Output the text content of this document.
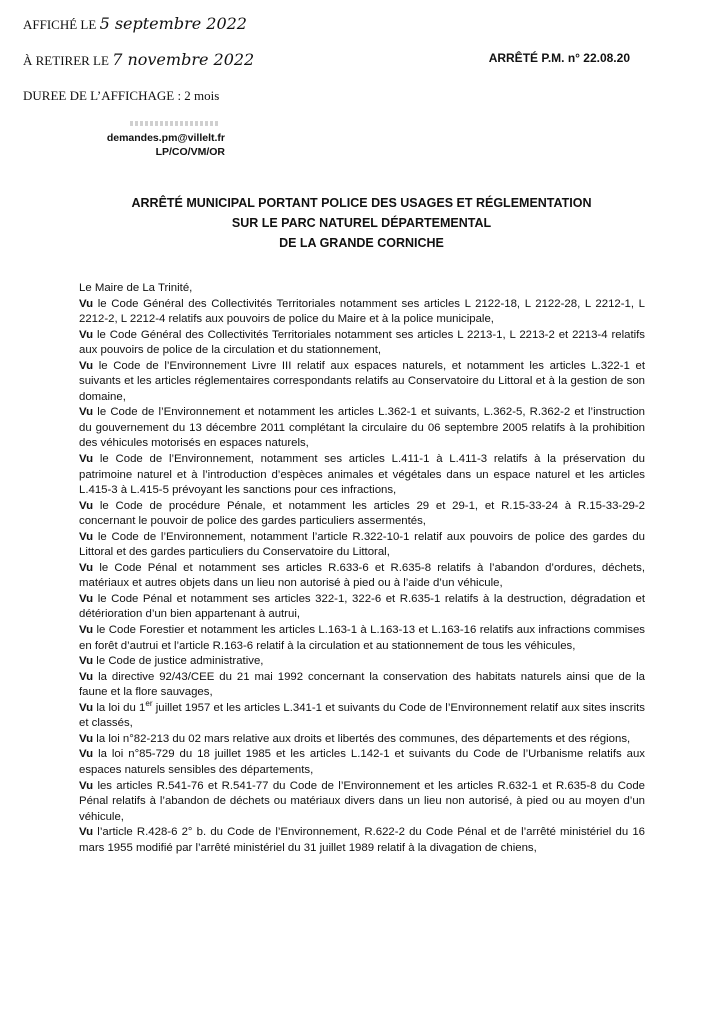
AFFICHÉ LE 5 septembre 2022
À RETIRER LE 7 novembre 2022
DUREE DE L’AFFICHAGE : 2 mois
ARRÊTÉ P.M. n° 22.08.20
demandes.pm@villelt.fr
LP/CO/VM/OR
ARRÊTÉ MUNICIPAL PORTANT POLICE DES USAGES ET RÉGLEMENTATION
SUR LE PARC NATUREL DÉPARTEMENTAL
DE LA GRANDE CORNICHE

Le Maire de La Trinité,

Vu le Code Général des Collectivités Territoriales notamment ses articles L 2122-18, L 2122-28, L 2212-1, L 2212-2, L 2212-4 relatifs aux pouvoirs de police du Maire et à la police municipale,

Vu le Code Général des Collectivités Territoriales notamment ses articles L 2213-1, L 2213-2 et 2213-4 relatifs aux pouvoirs de police de la circulation et du stationnement,

Vu le Code de l’Environnement Livre III relatif aux espaces naturels, et notamment les articles L.322-1 et suivants et les articles réglementaires correspondants relatifs au Conservatoire du Littoral et à la gestion de son domaine,

Vu le Code de l’Environnement et notamment les articles L.362-1 et suivants, L.362-5, R.362-2 et l’instruction du gouvernement du 13 décembre 2011 complétant la circulaire du 06 septembre 2005 relatifs à la prohibition des véhicules motorisés en espaces naturels,

Vu le Code de l’Environnement, notamment ses articles L.411-1 à L.411-3 relatifs à la préservation du patrimoine naturel et à l’introduction d’espèces animales et végétales dans un espace naturel et les articles L.415-3 à L.415-5 prévoyant les sanctions pour ces infractions,

Vu le Code de procédure Pénale, et notamment les articles 29 et 29-1, et R.15-33-24 à R.15-33-29-2 concernant le pouvoir de police des gardes particuliers assermentés,

Vu le Code de l’Environnement, notamment l’article R.322-10-1 relatif aux pouvoirs de police des gardes du Littoral et des gardes particuliers du Conservatoire du Littoral,

Vu le Code Pénal et notamment ses articles R.633-6 et R.635-8 relatifs à l’abandon d’ordures, déchets, matériaux et autres objets dans un lieu non autorisé à pied ou à l’aide d’un véhicule,

Vu le Code Pénal et notamment ses articles 322-1, 322-6 et R.635-1 relatifs à la destruction, dégradation et détérioration d’un bien appartenant à autrui,

Vu le Code Forestier et notamment les articles L.163-1 à L.163-13 et L.163-16 relatifs aux infractions commises en forêt d’autrui et l’article R.163-6 relatif à la circulation et au stationnement de tous les véhicules,

Vu le Code de justice administrative,

Vu la directive 92/43/CEE du 21 mai 1992 concernant la conservation des habitats naturels ainsi que de la faune et la flore sauvages,

Vu la loi du 1er juillet 1957 et les articles L.341-1 et suivants du Code de l’Environnement relatif aux sites inscrits et classés,

Vu la loi n°82-213 du 02 mars relative aux droits et libertés des communes, des départements et des régions,

Vu la loi n°85-729 du 18 juillet 1985 et les articles L.142-1 et suivants du Code de l’Urbanisme relatifs aux espaces naturels sensibles des départements,

Vu les articles R.541-76 et R.541-77 du Code de l’Environnement et les articles R.632-1 et R.635-8 du Code Pénal relatifs à l’abandon de déchets ou matériaux divers dans un lieu non autorisé, à pied ou au moyen d’un véhicule,

Vu l’article R.428-6 2° b. du Code de l’Environnement, R.622-2 du Code Pénal et de l’arrêté ministériel du 16 mars 1955 modifié par l’arrêté ministériel du 31 juillet 1989 relatif à la divagation de chiens,
